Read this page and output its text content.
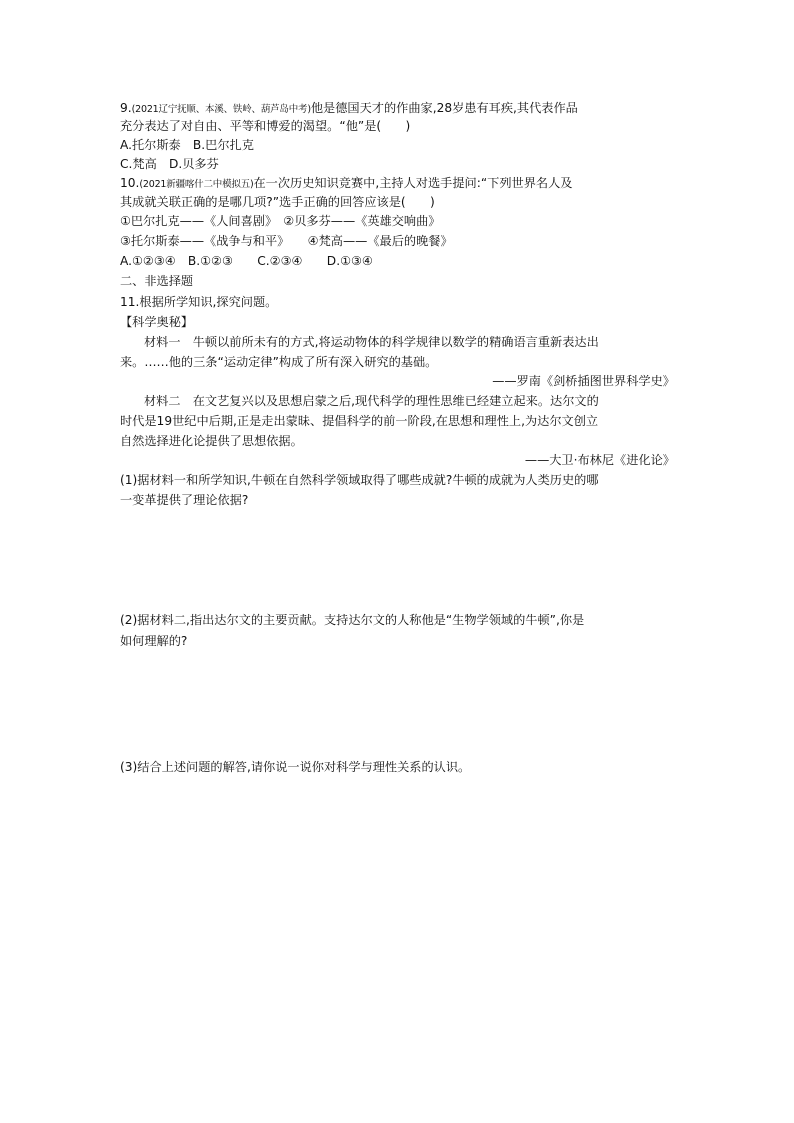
9.(2021辽宁抚顺、本溪、铁岭、葫芦岛中考)他是德国天才的作曲家,28岁患有耳疾,其代表作品
充分表达了对自由、平等和博爱的渴望。“他”是(　　)
A.托尔斯泰　B.巴尔扎克
C.梵高　D.贝多芬
10.(2021新疆喀什二中模拟五)在一次历史知识竞赛中,主持人对选手提问:“下列世界名人及
其成就关联正确的是哪几项?”选手正确的回答应该是(　　)
①巴尔扎克——《人间喜剧》　②贝多芬——《英雄交响曲》
③托尔斯泰——《战争与和平》　　④梵高——《最后的晚餐》
A.①②③④　B.①②③　　C.②③④　　D.①③④
二、非选择题
11.根据所学知识,探究问题。
【科学奥秘】
材料一　牛顿以前所未有的方式,将运动物体的科学规律以数学的精确语言重新表达出
来。……他的三条“运动定律”构成了所有深入研究的基础。
——罗南《剑桥插图世界科学史》
材料二　在文艺复兴以及思想启蒙之后,现代科学的理性思维已经建立起来。达尔文的
时代是19世纪中后期,正是走出蒙昧、提倡科学的前一阶段,在思想和理性上,为达尔文创立
自然选择进化论提供了思想依据。
——大卫·布林尼《进化论》
(1)据材料一和所学知识,牛顿在自然科学领域取得了哪些成就?牛顿的成就为人类历史的哪
一变革提供了理论依据?
(2)据材料二,指出达尔文的主要贡献。支持达尔文的人称他是“生物学领域的牛顿”,你是
如何理解的?
(3)结合上述问题的解答,请你说一说你对科学与理性关系的认识。
